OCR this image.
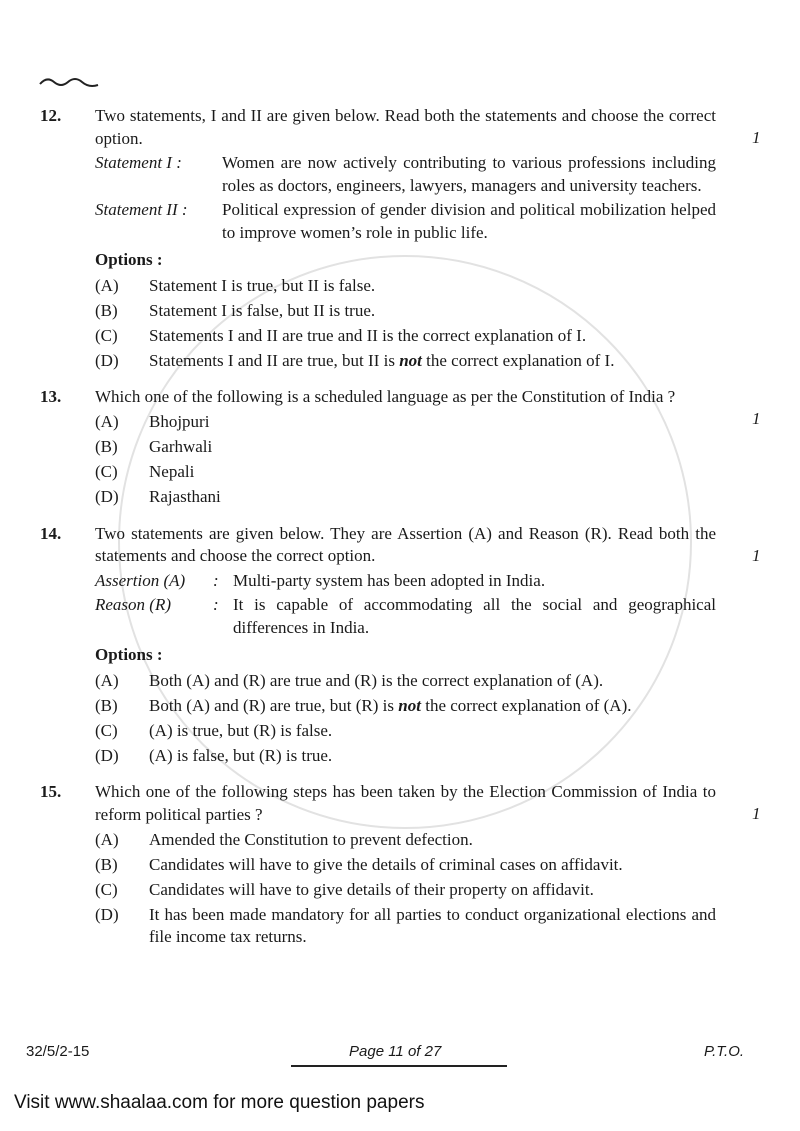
12. Two statements, I and II are given below. Read both the statements and choose the correct option.	1
Statement I :	Women are now actively contributing to various professions including roles as doctors, engineers, lawyers, managers and university teachers.
Statement II :	Political expression of gender division and political mobilization helped to improve women’s role in public life.
Options :
(A)	Statement I is true, but II is false.
(B)	Statement I is false, but II is true.
(C)	Statements I and II are true and II is the correct explanation of I.
(D)	Statements I and II are true, but II is not the correct explanation of I.
13. Which one of the following is a scheduled language as per the Constitution of India ?
1
(A)	Bhojpuri
(B)	Garhwali
(C)	Nepali
(D)	Rajasthani
14. Two statements are given below. They are Assertion (A) and Reason (R). Read both the statements and choose the correct option.	1
Assertion (A)	: Multi-party system has been adopted in India.
Reason (R)	: It is capable of accommodating all the social and geographical differences in India.
Options :
(A)	Both (A) and (R) are true and (R) is the correct explanation of (A).
(B)	Both (A) and (R) are true, but (R) is not the correct explanation of (A).
(C)	(A) is true, but (R) is false.
(D)	(A) is false, but (R) is true.
15. Which one of the following steps has been taken by the Election Commission of India to reform political parties ?	1
(A)	Amended the Constitution to prevent defection.
(B)	Candidates will have to give the details of criminal cases on affidavit.
(C)	Candidates will have to give details of their property on affidavit.
(D)	It has been made mandatory for all parties to conduct organizational elections and file income tax returns.
32/5/2-15	Page 11 of 27	P.T.O.
Visit www.shaalaa.com for more question papers
